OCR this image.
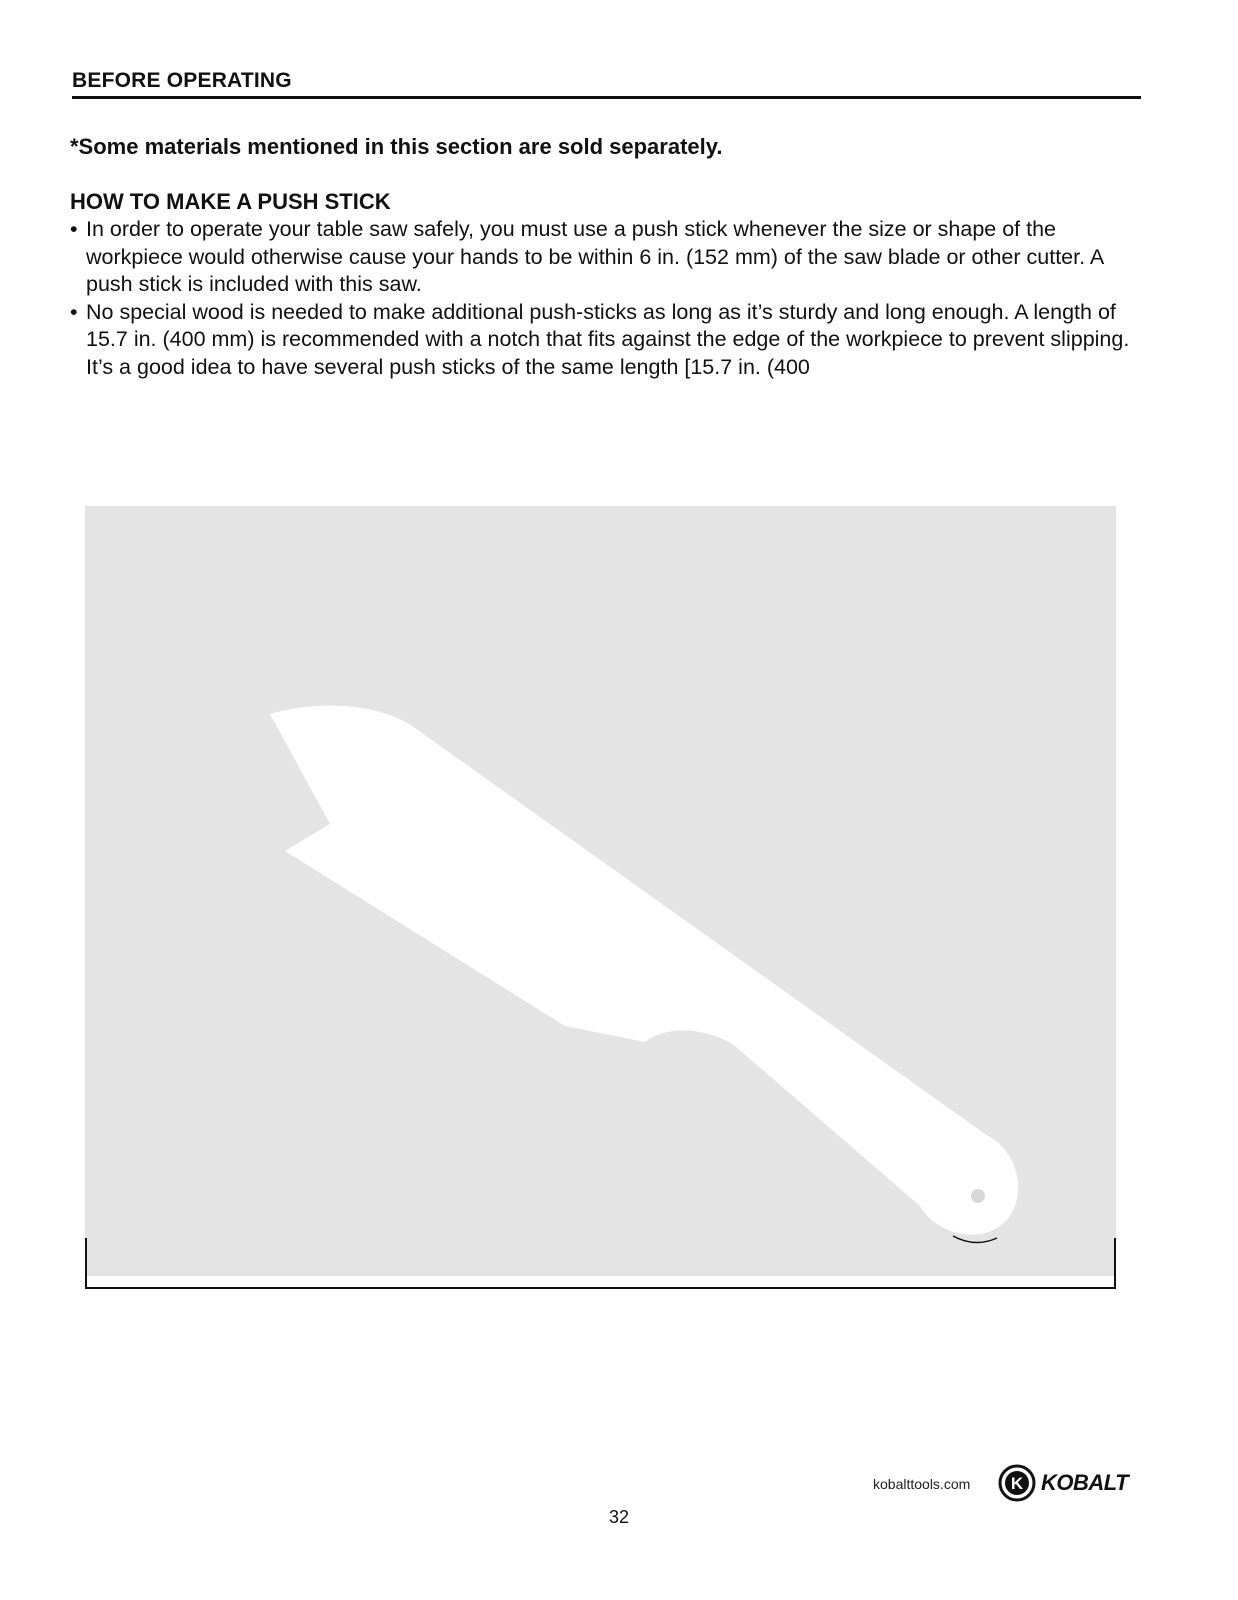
BEFORE OPERATING
*Some materials mentioned in this section are sold separately.
HOW TO MAKE A PUSH STICK
• In order to operate your table saw safely, you must use a push stick whenever the size or shape of the workpiece would otherwise cause your hands to be within 6 in. (152 mm) of the saw blade or other cutter. A push stick is included with this saw.
• No special wood is needed to make additional push-sticks as long as it’s sturdy and long enough. A length of 15.7 in. (400 mm) is recommended with a notch that fits against the edge of the workpiece to prevent slipping. It’s a good idea to have several push sticks of the same length [15.7 in. (400
kobalttools.com K KOBALT
32
